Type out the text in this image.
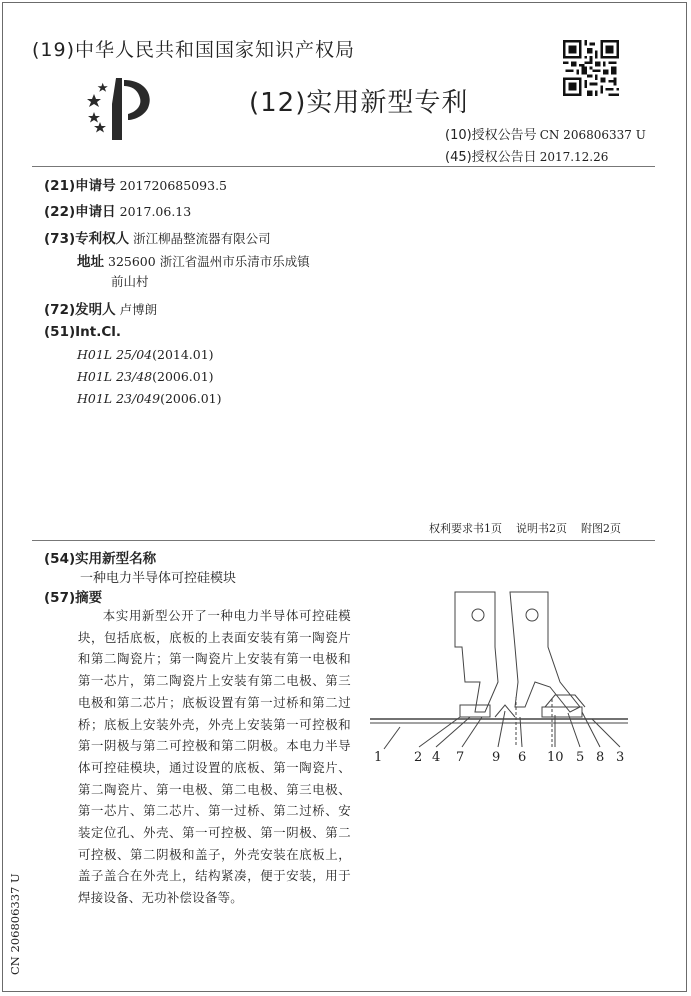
(19)中华人民共和国国家知识产权局
(12)实用新型专利
(10)授权公告号 CN 206806337 U
(45)授权公告日 2017.12.26
(21)申请号 201720685093.5
(22)申请日 2017.06.13
(73)专利权人 浙江柳晶整流器有限公司
地址 325600 浙江省温州市乐清市乐成镇
前山村
(72)发明人 卢博朗
(51)Int.Cl.
H01L 25/04(2014.01)
H01L 23/48(2006.01)
H01L 23/049(2006.01)
权利要求书1页 说明书2页 附图2页
(54)实用新型名称
一种电力半导体可控硅模块
(57)摘要
本实用新型公开了一种电力半导体可控硅模块，包括底板，底板的上表面安装有第一陶瓷片和第二陶瓷片；第一陶瓷片上安装有第一电极和第一芯片，第二陶瓷片上安装有第二电极、第三电极和第二芯片；底板设置有第一过桥和第二过桥；底板上安装外壳，外壳上安装第一可控极和第一阴极与第二可控极和第二阴极。本电力半导体可控硅模块，通过设置的底板、第一陶瓷片、第二陶瓷片、第一电极、第二电极、第三电极、第一芯片、第二芯片、第一过桥、第二过桥、安装定位孔、外壳、第一可控极、第一阴极、第二可控极、第二阴极和盖子，外壳安装在底板上，盖子盖合在外壳上，结构紧凑，便于安装，用于焊接设备、无功补偿设备等。
1 2 4 7 9 6 10 5 8 3
CN 206806337 U
